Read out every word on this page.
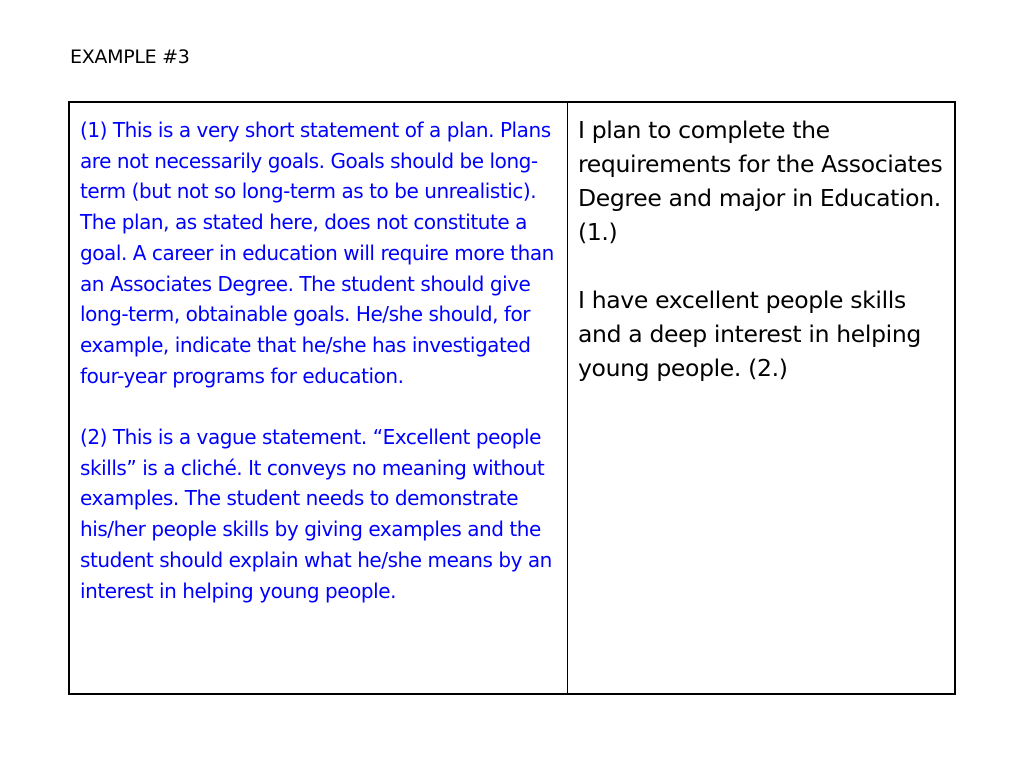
EXAMPLE #3

(1) This is a very short statement of a plan. Plans are not necessarily goals. Goals should be long-term (but not so long-term as to be unrealistic). The plan, as stated here, does not constitute a goal. A career in education will require more than an Associates Degree. The student should give long-term, obtainable goals. He/she should, for example, indicate that he/she has investigated four-year programs for education.

(2) This is a vague statement. “Excellent people skills” is a cliché. It conveys no meaning without examples. The student needs to demonstrate his/her people skills by giving examples and the student should explain what he/she means by an interest in helping young people.

I plan to complete the requirements for the Associates Degree and major in Education. (1.)

I have excellent people skills and a deep interest in helping young people. (2.)
